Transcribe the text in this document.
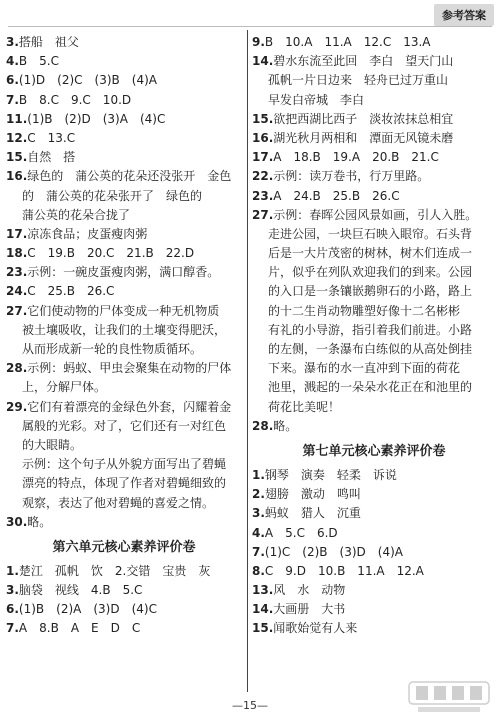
参考答案
3.搭船　祖父
4.B　5.C
6.(1)D　(2)C　(3)B　(4)A
7.B　8.C　9.C　10.D
11.(1)B　(2)D　(3)A　(4)C
12.C　13.C
15.自然　搭
16.绿色的　蒲公英的花朵还没张开　金色
的　蒲公英的花朵张开了　绿色的
蒲公英的花朵合拢了
17.凉冻食品；皮蛋瘦肉粥
18.C　19.B　20.C　21.B　22.D
23.示例：一碗皮蛋瘦肉粥，满口醇香。
24.C　25.B　26.C
27.它们使动物的尸体变成一种无机物质
被土壤吸收，让我们的土壤变得肥沃，
从而形成新一轮的良性物质循环。
28.示例：蚂蚁、甲虫会聚集在动物的尸体
上，分解尸体。
29.它们有着漂亮的金绿色外套，闪耀着金
属般的光彩。对了，它们还有一对红色
的大眼睛。
示例：这个句子从外貌方面写出了碧蝇
漂亮的特点，体现了作者对碧蝇细致的
观察，表达了他对碧蝇的喜爱之情。
30.略。
第六单元核心素养评价卷
1.楚江　孤帆　饮　2.交错　宝贵　灰
3.脑袋　视线　4.B　5.C
6.(1)B　(2)A　(3)D　(4)C
7.A　8.B　A　E　D　C
9.B　10.A　11.A　12.C　13.A
14.碧水东流至此回　李白　望天门山
孤帆一片日边来　轻舟已过万重山
早发白帝城　李白
15.欲把西湖比西子　淡妆浓抹总相宜
16.湖光秋月两相和　潭面无风镜未磨
17.A　18.B　19.A　20.B　21.C
22.示例：读万卷书，行万里路。
23.A　24.B　25.B　26.C
27.示例：春晖公园风景如画，引人入胜。
走进公园，一块巨石映入眼帘。石头背
后是一大片茂密的树林，树木们连成一
片，似乎在列队欢迎我们的到来。公园
的入口是一条镶嵌鹅卵石的小路，路上
的十二生肖动物雕塑好像十二名彬彬
有礼的小导游，指引着我们前进。小路
的左侧，一条瀑布白练似的从高处倒挂
下来。瀑布的水一直冲到下面的荷花
池里，溅起的一朵朵水花正在和池里的
荷花比美呢！
28.略。
第七单元核心素养评价卷
1.钢琴　演奏　轻柔　诉说
2.翅膀　激动　鸣叫
3.蚂蚁　猎人　沉重
4.A　5.C　6.D
7.(1)C　(2)B　(3)D　(4)A
8.C　9.D　10.B　11.A　12.A
13.风　水　动物
14.大画册　大书
15.闻歌始觉有人来
—15—
